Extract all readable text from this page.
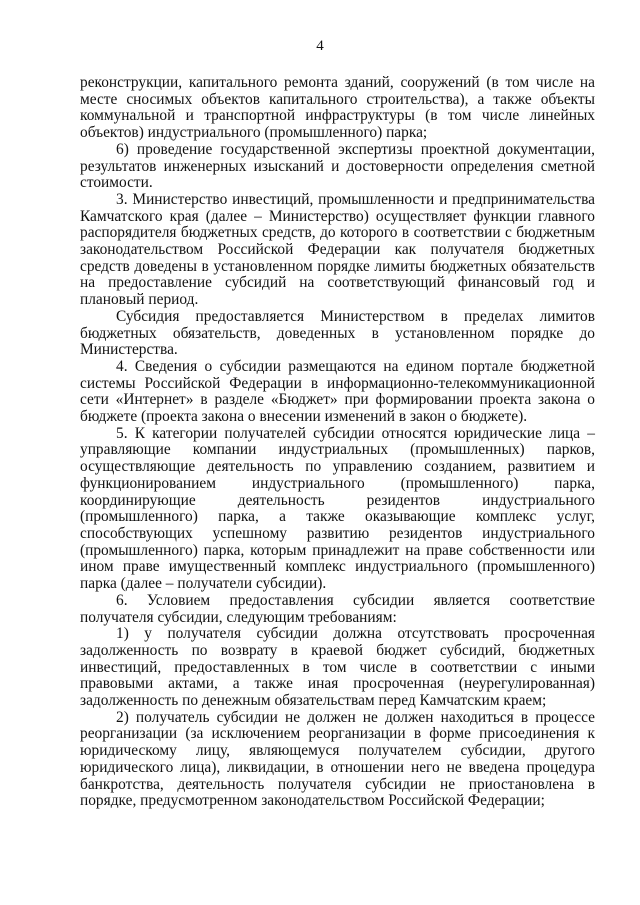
4

реконструкции, капитального ремонта зданий, сооружений (в том числе на месте сносимых объектов капитального строительства), а также объекты коммунальной и транспортной инфраструктуры (в том числе линейных объектов) индустриального (промышленного) парка;

6) проведение государственной экспертизы проектной документации, результатов инженерных изысканий и достоверности определения сметной стоимости.

3. Министерство инвестиций, промышленности и предпринимательства Камчатского края (далее – Министерство) осуществляет функции главного распорядителя бюджетных средств, до которого в соответствии с бюджетным законодательством Российской Федерации как получателя бюджетных средств доведены в установленном порядке лимиты бюджетных обязательств на предоставление субсидий на соответствующий финансовый год и плановый период.

Субсидия предоставляется Министерством в пределах лимитов бюджетных обязательств, доведенных в установленном порядке до Министерства.

4. Сведения о субсидии размещаются на едином портале бюджетной системы Российской Федерации в информационно-телекоммуникационной сети «Интернет» в разделе «Бюджет» при формировании проекта закона о бюджете (проекта закона о внесении изменений в закон о бюджете).

5. К категории получателей субсидии относятся юридические лица – управляющие компании индустриальных (промышленных) парков, осуществляющие деятельность по управлению созданием, развитием и функционированием индустриального (промышленного) парка, координирующие деятельность резидентов индустриального (промышленного) парка, а также оказывающие комплекс услуг, способствующих успешному развитию резидентов индустриального (промышленного) парка, которым принадлежит на праве собственности или ином праве имущественный комплекс индустриального (промышленного) парка (далее – получатели субсидии).

6. Условием предоставления субсидии является соответствие получателя субсидии, следующим требованиям:

1) у получателя субсидии должна отсутствовать просроченная задолженность по возврату в краевой бюджет субсидий, бюджетных инвестиций, предоставленных в том числе в соответствии с иными правовыми актами, а также иная просроченная (неурегулированная) задолженность по денежным обязательствам перед Камчатским краем;

2) получатель субсидии не должен не должен находиться в процессе реорганизации (за исключением реорганизации в форме присоединения к юридическому лицу, являющемуся получателем субсидии, другого юридического лица), ликвидации, в отношении него не введена процедура банкротства, деятельность получателя субсидии не приостановлена в порядке, предусмотренном законодательством Российской Федерации;
